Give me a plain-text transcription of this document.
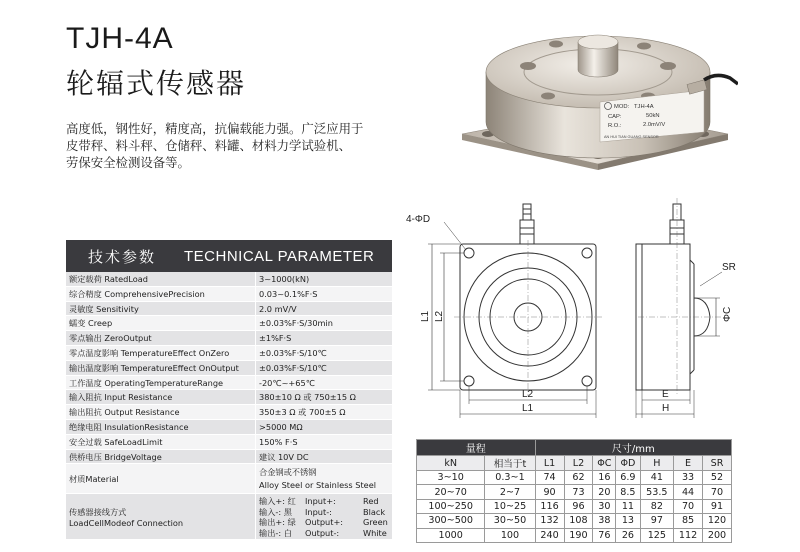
TJH-4A
轮辐式传感器
高度低，钢性好，精度高，抗偏载能力强。广泛应用于
皮带秤、料斗秤、仓储秤、料罐、材料力学试验机、
劳保安全检测设备等。
MOD: TJH-4A
CAP:	50kN
R.O.:	2.0mV/V
AN HUI TIAN GUANG SENSOR
技术参数 TECHNICAL PARAMETER
额定载荷 RatedLoad	3~1000(kN)
综合精度 ComprehensivePrecision	0.03~0.1%F·S
灵敏度 Sensitivity	2.0 mV/V
蠕变 Creep	±0.03%F·S/30min
零点输出 ZeroOutput	±1%F·S
零点温度影响 TemperatureEffect OnZero	±0.03%F·S/10℃
输出温度影响 TemperatureEffect OnOutput	±0.03%F·S/10℃
工作温度 OperatingTemperatureRange	-20℃~+65℃
输入阻抗 Input Resistance	380±10 Ω 或 750±15 Ω
输出阻抗 Output Resistance	350±3 Ω 或 700±5 Ω
绝缘电阻 InsulationResistance	>5000 MΩ
安全过载 SafeLoadLimit	150% F·S
供桥电压 BridgeVoltage	建议 10V DC
材质Material
合金钢或不锈钢
Alloy Steel or Stainless Steel
传感器接线方式
LoadCellModeof Connection
输入+: 红	Input+:	Red
输入-: 黑	Input-:	Black
输出+: 绿	Output+:	Green
输出-: 白	Output-:	White
4-ΦD
L1 L2
L2
L1
SR
ΦC
E
H
量程		尺寸/mm						
kN	相当于t	L1	L2	ΦC	ΦD	H	E	SR
3~10	0.3~1	74	62	16	6.9	41	33	52
20~70	2~7	90	73	20	8.5	53.5	44	70
100~250	10~25	116	96	30	11	82	70	91
300~500	30~50	132	108	38	13	97	85	120
1000	100	240	190	76	26	125	112	200
